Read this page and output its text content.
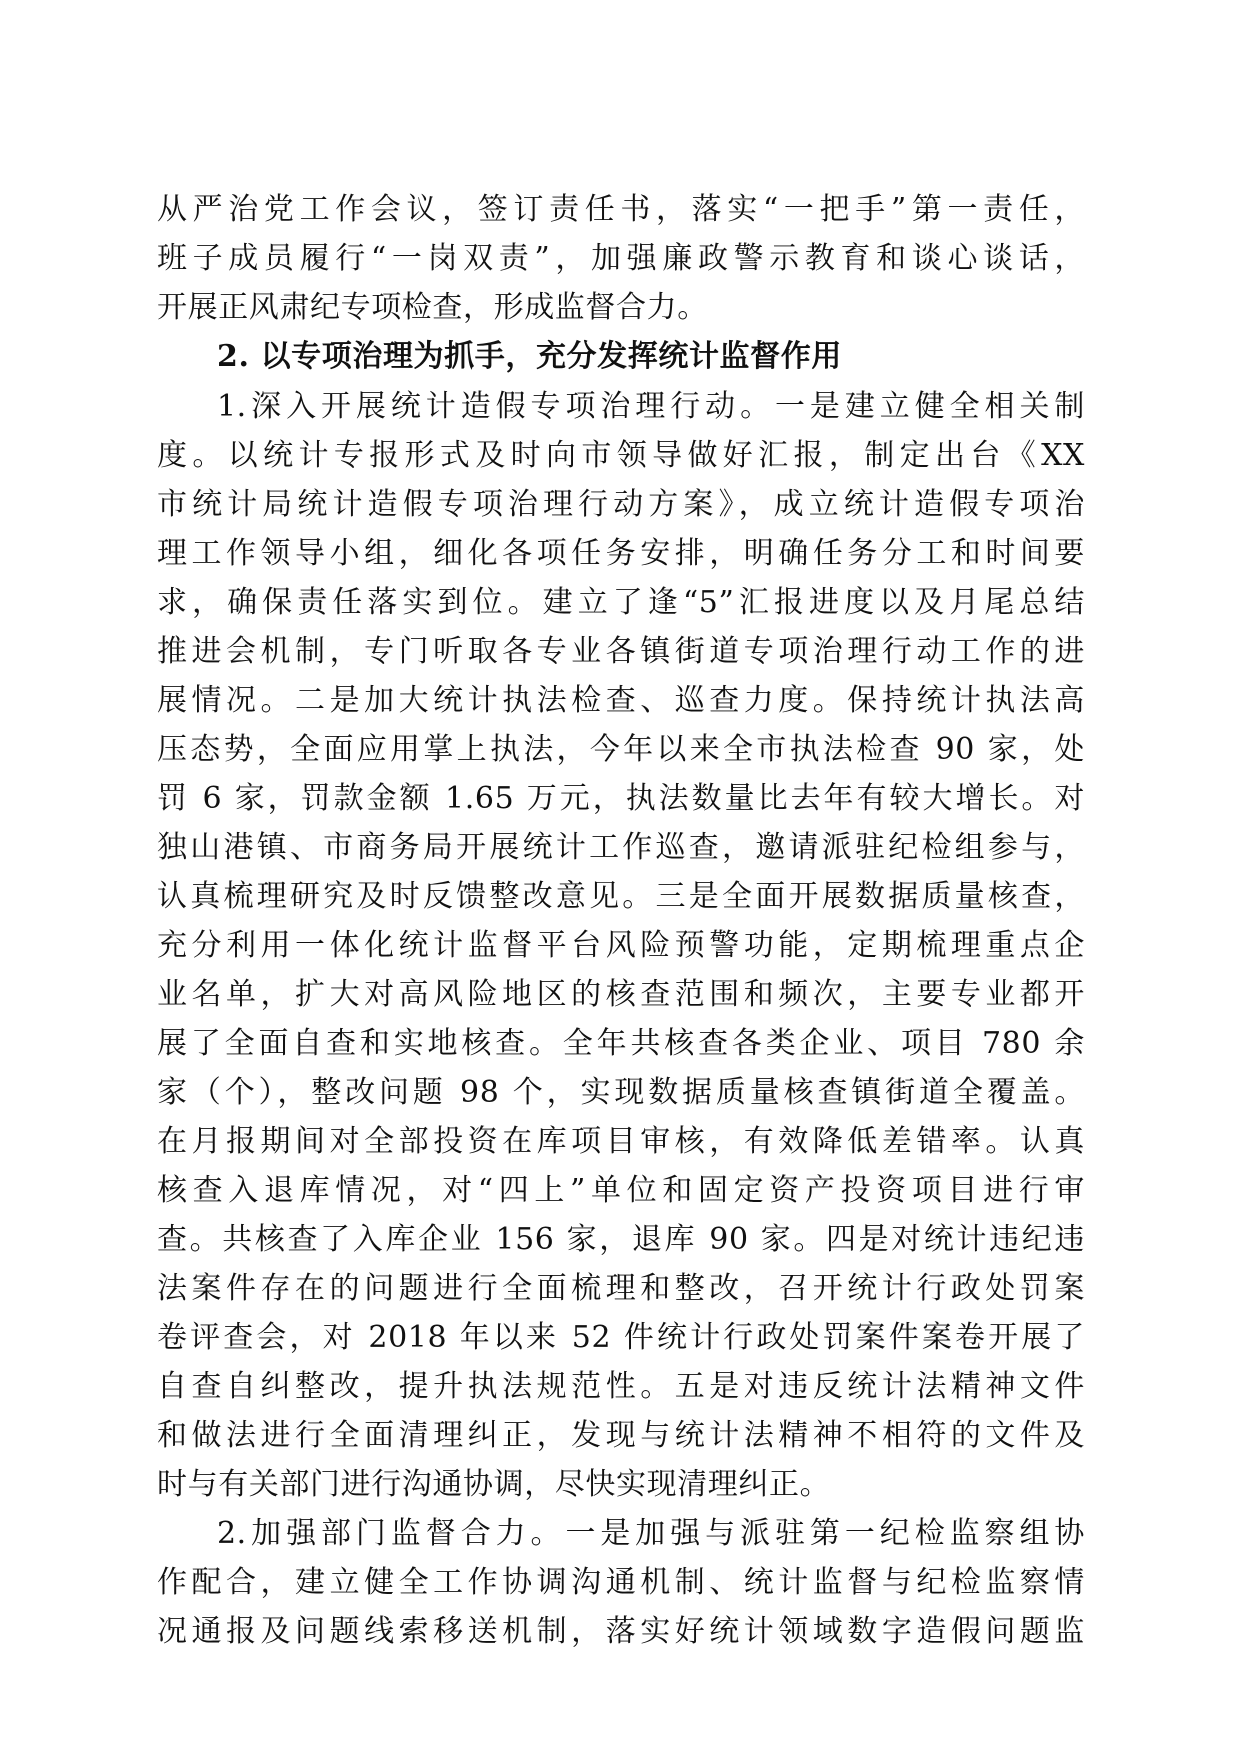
从严治党工作会议，签订责任书，落实“一把手”第一责任，
班子成员履行“一岗双责”，加强廉政警示教育和谈心谈话，
开展正风肃纪专项检查，形成监督合力。
2. 以专项治理为抓手，充分发挥统计监督作用
1.深入开展统计造假专项治理行动。一是建立健全相关制
度。以统计专报形式及时向市领导做好汇报，制定出台《XX
市统计局统计造假专项治理行动方案》，成立统计造假专项治
理工作领导小组，细化各项任务安排，明确任务分工和时间要
求，确保责任落实到位。建立了逢“5”汇报进度以及月尾总结
推进会机制，专门听取各专业各镇街道专项治理行动工作的进
展情况。二是加大统计执法检查、巡查力度。保持统计执法高
压态势，全面应用掌上执法，今年以来全市执法检查 90 家，处
罚 6 家，罚款金额 1.65 万元，执法数量比去年有较大增长。对
独山港镇、市商务局开展统计工作巡查，邀请派驻纪检组参与，
认真梳理研究及时反馈整改意见。三是全面开展数据质量核查，
充分利用一体化统计监督平台风险预警功能，定期梳理重点企
业名单，扩大对高风险地区的核查范围和频次，主要专业都开
展了全面自查和实地核查。全年共核查各类企业、项目 780 余
家（个），整改问题 98 个，实现数据质量核查镇街道全覆盖。
在月报期间对全部投资在库项目审核，有效降低差错率。认真
核查入退库情况，对“四上”单位和固定资产投资项目进行审
查。共核查了入库企业 156 家，退库 90 家。四是对统计违纪违
法案件存在的问题进行全面梳理和整改，召开统计行政处罚案
卷评查会，对 2018 年以来 52 件统计行政处罚案件案卷开展了
自查自纠整改，提升执法规范性。五是对违反统计法精神文件
和做法进行全面清理纠正，发现与统计法精神不相符的文件及
时与有关部门进行沟通协调，尽快实现清理纠正。
2.加强部门监督合力。一是加强与派驻第一纪检监察组协
作配合，建立健全工作协调沟通机制、统计监督与纪检监察情
况通报及问题线索移送机制，落实好统计领域数字造假问题监
